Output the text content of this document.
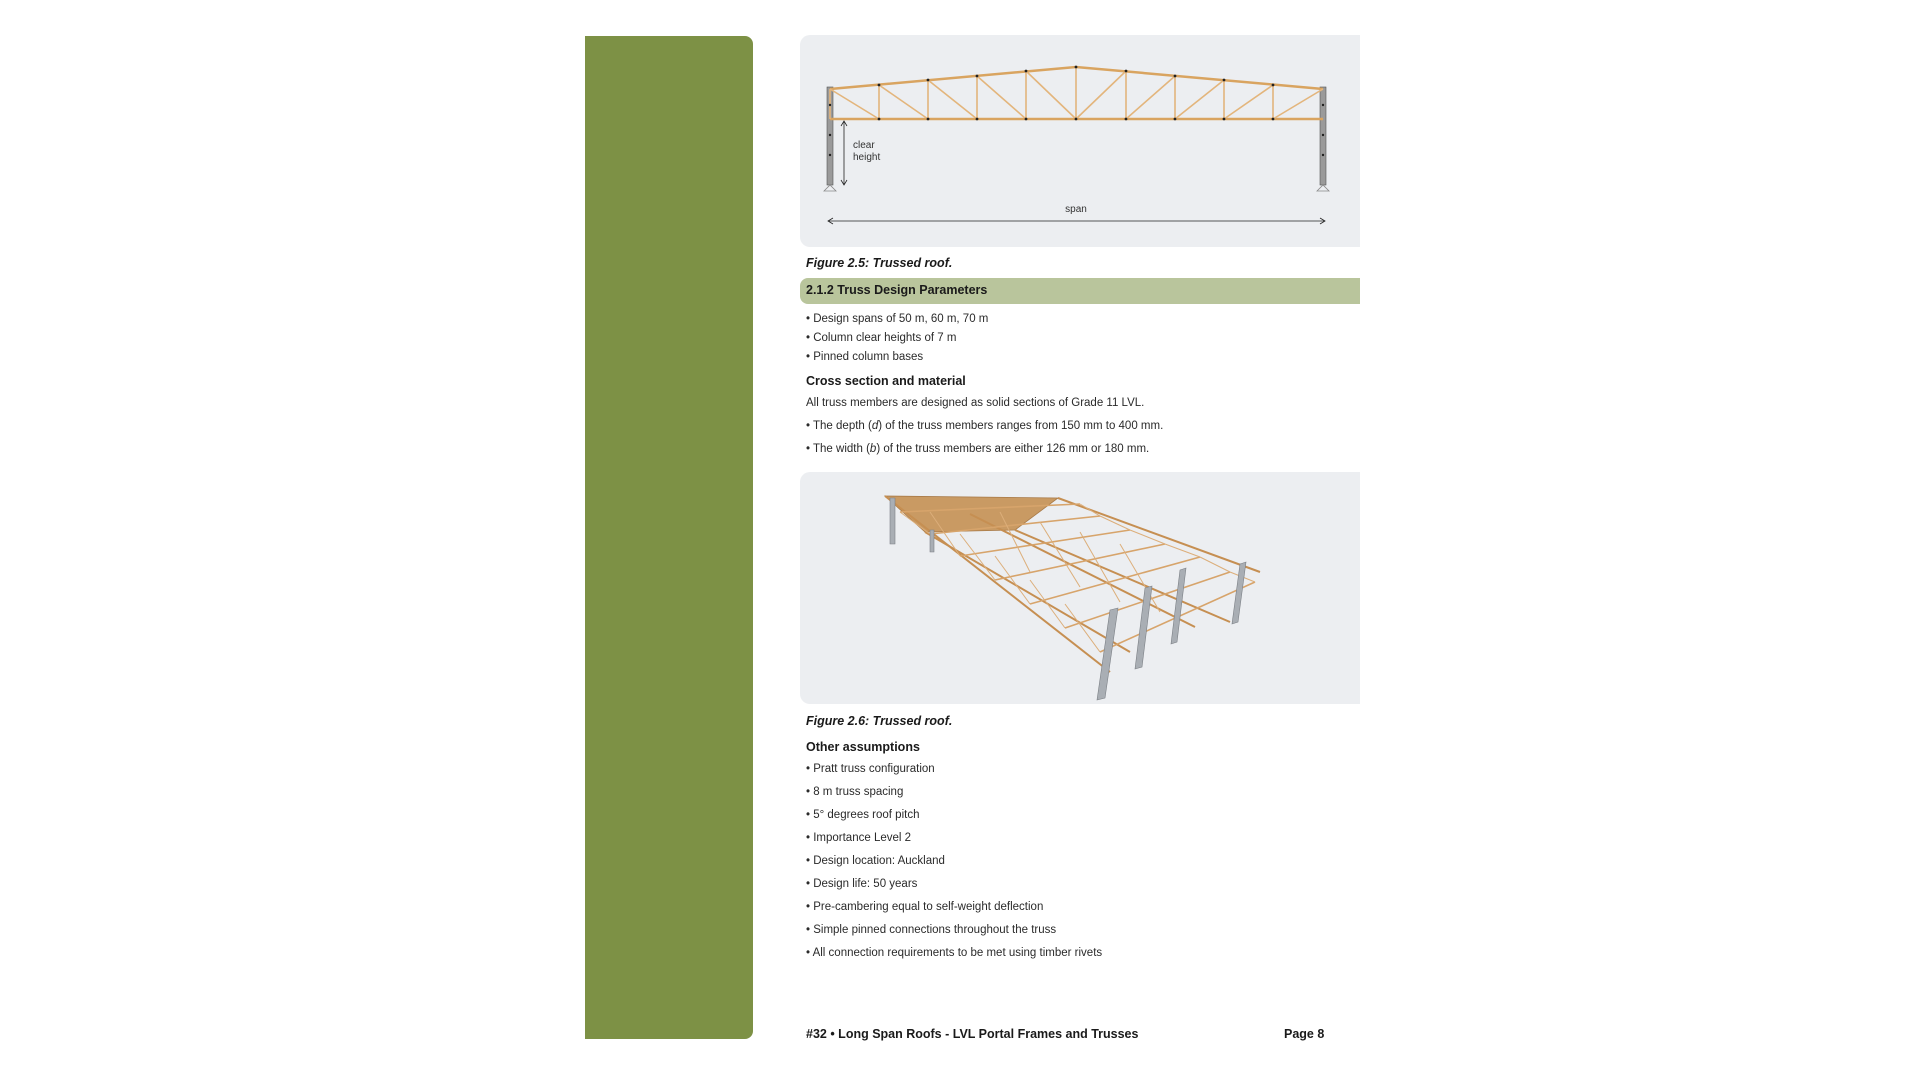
clear
height
span
Figure 2.5: Trussed roof.
2.1.2 Truss Design Parameters
• Design spans of 50 m, 60 m, 70 m
• Column clear heights of 7 m
• Pinned column bases
Cross section and material
All truss members are designed as solid sections of Grade 11 LVL.
• The depth (d) of the truss members ranges from 150 mm to 400 mm.
• The width (b) of the truss members are either 126 mm or 180 mm.
Figure 2.6: Trussed roof.
Other assumptions
• Pratt truss configuration
• 8 m truss spacing
• 5° degrees roof pitch
• Importance Level 2
• Design location: Auckland
• Design life: 50 years
• Pre-cambering equal to self-weight deflection
• Simple pinned connections throughout the truss
• All connection requirements to be met using timber rivets
#32 • Long Span Roofs - LVL Portal Frames and Trusses	Page 8
